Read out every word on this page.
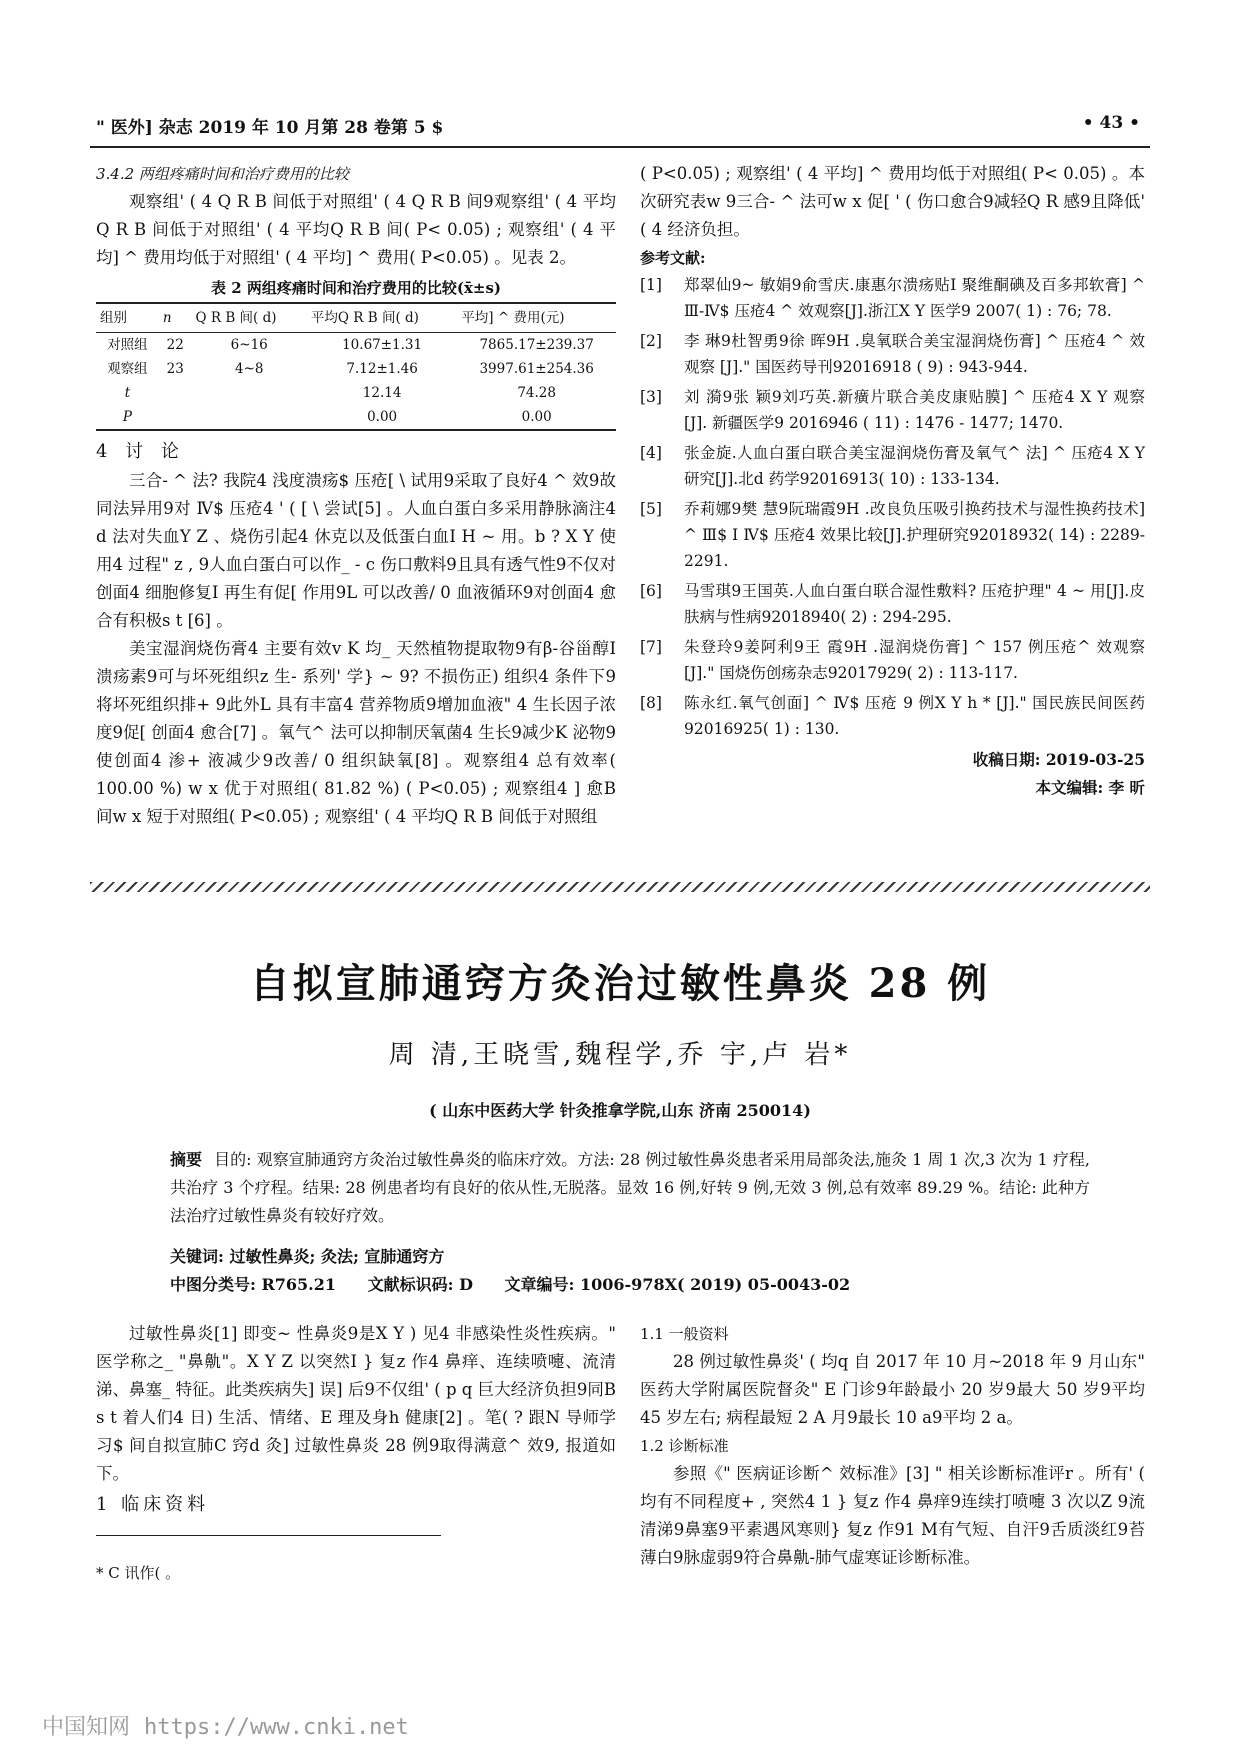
" 医外] 杂志 2019 年 10 月第 28 卷第 5 $	• 43 •
3.4.2 两组疼痛时间和治疗费用的比较

观察组' ( 4 Q R B 间低于对照组' ( 4 Q R B 间9观察组' ( 4 平均Q R B 间低于对照组' ( 4 平均Q R B 间( P< 0.05) ; 观察组' ( 4 平均] ^ 费用均低于对照组' ( 4 平均] ^ 费用( P<0.05) 。见表 2。

表 2 两组疼痛时间和治疗费用的比较(x̄±s)
组别	n	Q R B 间( d)	平均Q R B 间( d)	平均] ^ 费用(元)
对照组	22	6~16	10.67±1.31	7865.17±239.37
观察组	23	4~8	7.12±1.46	3997.61±254.36
t			12.14	74.28
P			0.00	0.00
4 讨 论

三合- ^ 法? 我院4 浅度溃疡$ 压疮[ \ 试用9采取了良好4 ^ 效9故同法异用9对 Ⅳ$ 压疮4 ' ( [ \ 尝试[5] 。人血白蛋白多采用静脉滴注4 d 法对失血Y Z 、烧伤引起4 休克以及低蛋白血I H ~ 用。b ? X Y 使用4 过程" z , 9人血白蛋白可以作_ - c 伤口敷料9且具有透气性9不仅对创面4 细胞修复I 再生有促[ 作用9L 可以改善/ 0 血液循环9对创面4 愈合有积极s t [6] 。

美宝湿润烧伤膏4 主要有效v K 均_ 天然植物提取物9有β-谷甾醇I 溃疡素9可与坏死组织z 生- 系列' 学} ~ 9? 不损伤正) 组织4 条件下9将坏死组织排+ 9此外L 具有丰富4 营养物质9增加血液" 4 生长因子浓度9促[ 创面4 愈合[7] 。氧气^ 法可以抑制厌氧菌4 生长9减少K 泌物9使创面4 渗+ 液减少9改善/ 0 组织缺氧[8] 。观察组4 总有效率( 100.00 %) w x 优于对照组( 81.82 %) ( P<0.05) ; 观察组4 ] 愈B 间w x 短于对照组( P<0.05) ; 观察组' ( 4 平均Q R B 间低于对照组

( P<0.05) ; 观察组' ( 4 平均] ^ 费用均低于对照组( P< 0.05) 。本次研究表w 9三合- ^ 法可w x 促[ ' ( 伤口愈合9减轻Q R 感9且降低' ( 4 经济负担。
参考文献:
[1]	郑翠仙9~ 敏娟9俞雪庆.康惠尔溃疡贴I 聚维酮碘及百多邦软膏] ^ Ⅲ-Ⅳ$ 压疮4 ^ 效观察[J].浙江X Y 医学9 2007( 1) : 76; 78.
[2]	李 琳9杜智勇9徐 晖9H .臭氧联合美宝湿润烧伤膏] ^ 压疮4 ^ 效观察 [J]." 国医药导刊92016918 ( 9) : 943-944.
[3]	刘 漪9张 颖9刘巧英.新癀片联合美皮康贴膜] ^ 压疮4 X Y 观察 [J]. 新疆医学9 2016946 ( 11) : 1476 - 1477; 1470.
[4]	张金旋.人血白蛋白联合美宝湿润烧伤膏及氧气^ 法] ^ 压疮4 X Y 研究[J].北d 药学92016913( 10) : 133-134.
[5]	乔莉娜9樊 慧9阮瑞霞9H .改良负压吸引换药技术与湿性换药技术] ^ Ⅲ$ I Ⅳ$ 压疮4 效果比较[J].护理研究92018932( 14) : 2289-2291.
[6]	马雪琪9王国英.人血白蛋白联合湿性敷料? 压疮护理" 4 ~ 用[J].皮肤病与性病92018940( 2) : 294-295.
[7]	朱登玲9姜阿利9王 霞9H .湿润烧伤膏] ^ 157 例压疮^ 效观察 [J]." 国烧伤创疡杂志92017929( 2) : 113-117.
[8]	陈永红.氧气创面] ^ Ⅳ$ 压疮 9 例X Y h * [J]." 国民族民间医药92016925( 1) : 130.
收稿日期: 2019-03-25
本文编辑: 李 昕
自拟宣肺通窍方灸治过敏性鼻炎 28 例
周 清,王晓雪,魏程学,乔 宇,卢 岩*
( 山东中医药大学 针灸推拿学院,山东 济南 250014)
摘要 目的: 观察宣肺通窍方灸治过敏性鼻炎的临床疗效。方法: 28 例过敏性鼻炎患者采用局部灸法,施灸 1 周 1 次,3 次为 1 疗程,共治疗 3 个疗程。结果: 28 例患者均有良好的依从性,无脱落。显效 16 例,好转 9 例,无效 3 例,总有效率 89.29 %。结论: 此种方法治疗过敏性鼻炎有较好疗效。
关键词: 过敏性鼻炎; 灸法; 宣肺通窍方
中图分类号: R765.21 文献标识码: D 文章编号: 1006-978X( 2019) 05-0043-02

过敏性鼻炎[1] 即变~ 性鼻炎9是X Y ) 见4 非感染性炎性疾病。" 医学称之_ "鼻鼽"。X Y Z 以突然I } 复z 作4 鼻痒、连续喷嚏、流清涕、鼻塞_ 特征。此类疾病失] 误] 后9不仅组' ( p q 巨大经济负担9同B s t 着人们4 日) 生活、情绪、E 理及身h 健康[2] 。笔( ? 跟N 导师学习$ 间自拟宣肺C 窍d 灸] 过敏性鼻炎 28 例9取得满意^ 效9, 报道如下。

1 临床资料
* C 讯作( 。
1.1 一般资料

28 例过敏性鼻炎' ( 均q 自 2017 年 10 月~2018 年 9 月山东" 医药大学附属医院督灸" E 门诊9年龄最小 20 岁9最大 50 岁9平均 45 岁左右; 病程最短 2 A 月9最长 10 a9平均 2 a。

1.2 诊断标准

参照《" 医病证诊断^ 效标准》[3] " 相关诊断标准评r 。所有' ( 均有不同程度+ , 突然4 1 } 复z 作4 鼻痒9连续打喷嚏 3 次以Z 9流清涕9鼻塞9平素遇风寒则} 复z 作91 M有气短、自汗9舌质淡红9苔薄白9脉虚弱9符合鼻鼽-肺气虚寒证诊断标准。

中国知网 https://www.cnki.net
